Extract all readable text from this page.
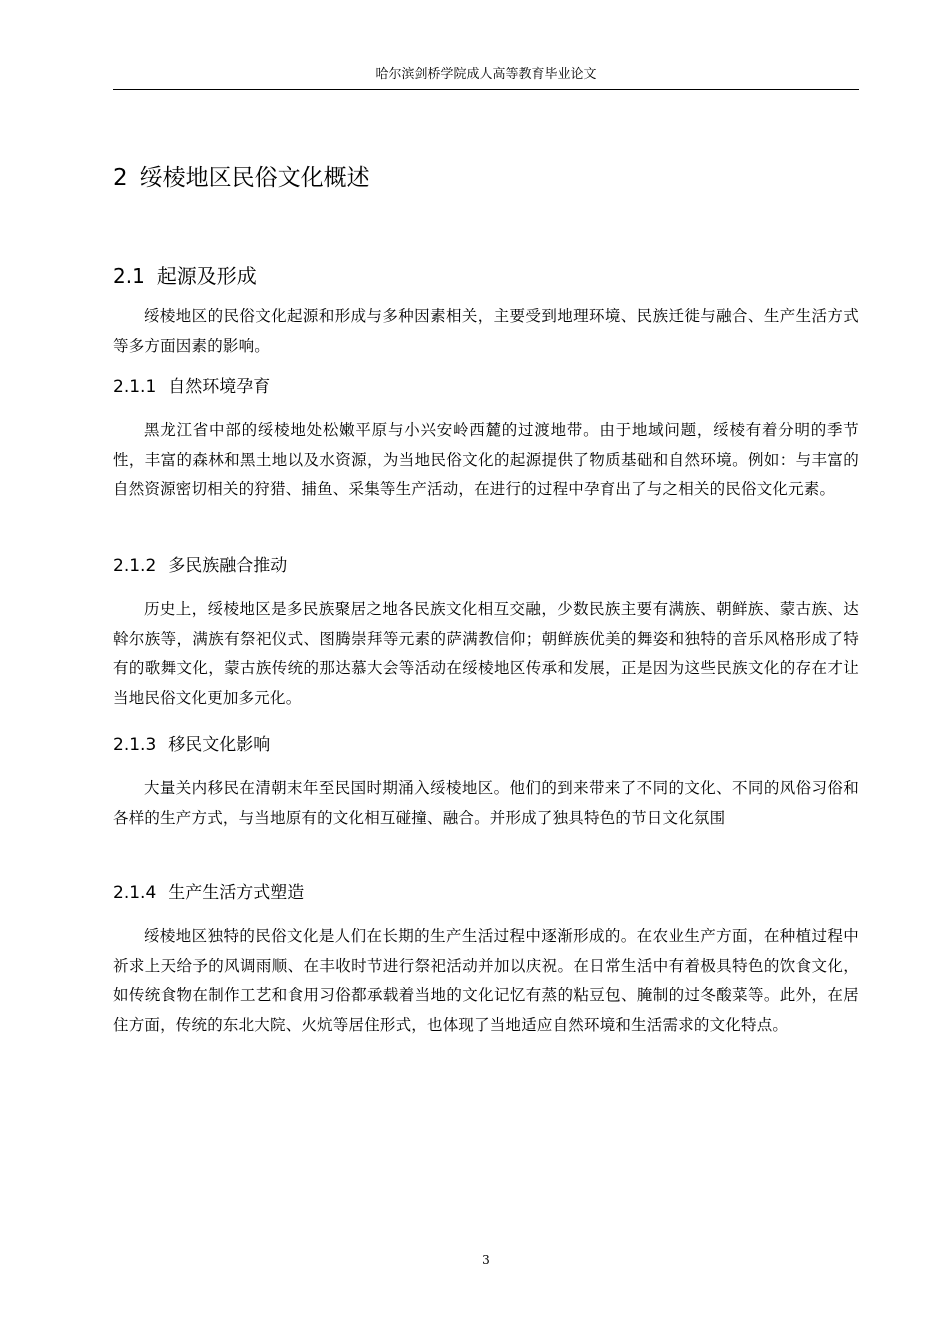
哈尔滨剑桥学院成人高等教育毕业论文
2 绥棱地区民俗文化概述
2.1 起源及形成

绥棱地区的民俗文化起源和形成与多种因素相关，主要受到地理环境、民族迁徙与融合、生产生活方式等多方面因素的影响。

2.1.1 自然环境孕育

黑龙江省中部的绥棱地处松嫩平原与小兴安岭西麓的过渡地带。由于地域问题，绥棱有着分明的季节性，丰富的森林和黑土地以及水资源，为当地民俗文化的起源提供了物质基础和自然环境。例如：与丰富的自然资源密切相关的狩猎、捕鱼、采集等生产活动，在进行的过程中孕育出了与之相关的民俗文化元素。

2.1.2 多民族融合推动

历史上，绥棱地区是多民族聚居之地各民族文化相互交融，少数民族主要有满族、朝鲜族、蒙古族、达斡尔族等，满族有祭祀仪式、图腾崇拜等元素的萨满教信仰；朝鲜族优美的舞姿和独特的音乐风格形成了特有的歌舞文化，蒙古族传统的那达慕大会等活动在绥棱地区传承和发展，正是因为这些民族文化的存在才让当地民俗文化更加多元化。

2.1.3 移民文化影响

大量关内移民在清朝末年至民国时期涌入绥棱地区。他们的到来带来了不同的文化、不同的风俗习俗和各样的生产方式，与当地原有的文化相互碰撞、融合。并形成了独具特色的节日文化氛围

2.1.4 生产生活方式塑造

绥棱地区独特的民俗文化是人们在长期的生产生活过程中逐渐形成的。在农业生产方面，在种植过程中祈求上天给予的风调雨顺、在丰收时节进行祭祀活动并加以庆祝。在日常生活中有着极具特色的饮食文化，如传统食物在制作工艺和食用习俗都承载着当地的文化记忆有蒸的粘豆包、腌制的过冬酸菜等。此外，在居住方面，传统的东北大院、火炕等居住形式，也体现了当地适应自然环境和生活需求的文化特点。

3
